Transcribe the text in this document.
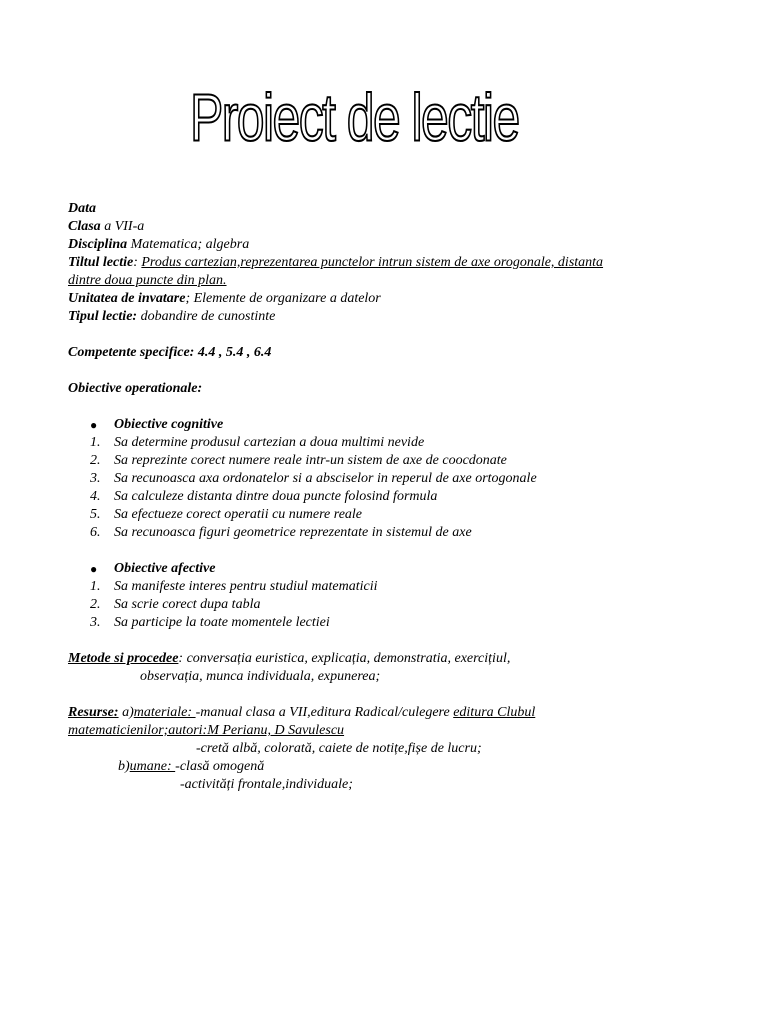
Proiect de lectie
Data
Clasa a VII-a
Disciplina Matematica; algebra
Tiltul lectie: Produs cartezian,reprezentarea punctelor intrun sistem de axe orogonale, distanta
dintre doua puncte din plan.
Unitatea de invatare; Elemente de organizare a datelor
Tipul lectie: dobandire de cunostinte
Competente specifice: 4.4 , 5.4 , 6.4
Obiective operationale:
● Obiective cognitive
1. Sa determine produsul cartezian a doua multimi nevide
2. Sa reprezinte corect numere reale intr-un sistem de axe de coocdonate
3. Sa recunoasca axa ordonatelor si a absciselor in reperul de axe ortogonale
4. Sa calculeze distanta dintre doua puncte folosind formula
5. Sa efectueze corect operatii cu numere reale
6. Sa recunoasca figuri geometrice reprezentate in sistemul de axe
● Obiective afective
1. Sa manifeste interes pentru studiul matematicii
2. Sa scrie corect dupa tabla
3. Sa participe la toate momentele lectiei
Metode si procedee: conversația euristica, explicația, demonstratia, exercițiul,
observația, munca individuala, expunerea;
Resurse: a)materiale: -manual clasa a VII,editura Radical/culegere editura Clubul
matematicienilor;autori:M Perianu, D Savulescu
-cretă albă, colorată, caiete de notițe,fișe de lucru;
b)umane: -clasă omogenă
-activități frontale,individuale;
